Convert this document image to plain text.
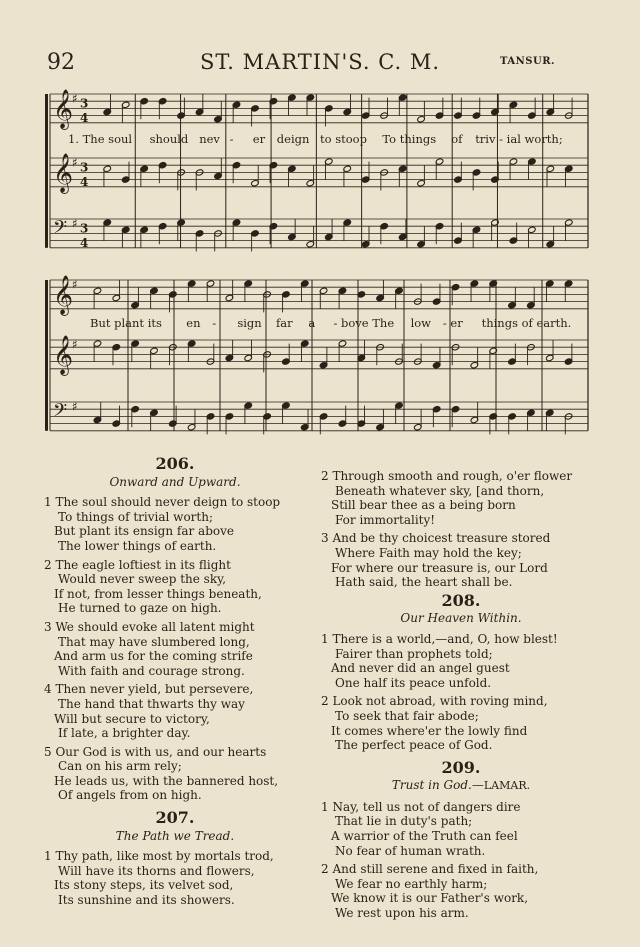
92	ST. MARTIN'S. C. M.	TANSUR.
𝄞
♯ 3
4
𝄞
♯ 3
4
𝄢 ♯ 3
4
1. The soul should nev - er deign to stoop To things of triv - ial worth;
𝄞
♯
𝄞
♯
𝄢 ♯
But plant its en - sign far a - bove The low - er things of earth.
206.
Onward and Upward.
1 The soul should never deign to stoop
To things of trivial worth;
But plant its ensign far above
The lower things of earth.
2 The eagle loftiest in its flight
Would never sweep the sky,
If not, from lesser things beneath,
He turned to gaze on high.
3 We should evoke all latent might
That may have slumbered long,
And arm us for the coming strife
With faith and courage strong.
4 Then never yield, but persevere,
The hand that thwarts thy way
Will but secure to victory,
If late, a brighter day.
5 Our God is with us, and our hearts
Can on his arm rely;
He leads us, with the bannered host,
Of angels from on high.
207.
The Path we Tread.
1 Thy path, like most by mortals trod,
Will have its thorns and flowers,
Its stony steps, its velvet sod,
Its sunshine and its showers.
2 Through smooth and rough, o'er flower
Beneath whatever sky, [and thorn,
Still bear thee as a being born
For immortality!
3 And be thy choicest treasure stored
Where Faith may hold the key;
For where our treasure is, our Lord
Hath said, the heart shall be.
208.
Our Heaven Within.
1 There is a world,—and, O, how blest!
Fairer than prophets told;
And never did an angel guest
One half its peace unfold.
2 Look not abroad, with roving mind,
To seek that fair abode;
It comes where'er the lowly find
The perfect peace of God.
209.
Trust in God.—LAMAR.
1 Nay, tell us not of dangers dire
That lie in duty's path;
A warrior of the Truth can feel
No fear of human wrath.
2 And still serene and fixed in faith,
We fear no earthly harm;
We know it is our Father's work,
We rest upon his arm.
